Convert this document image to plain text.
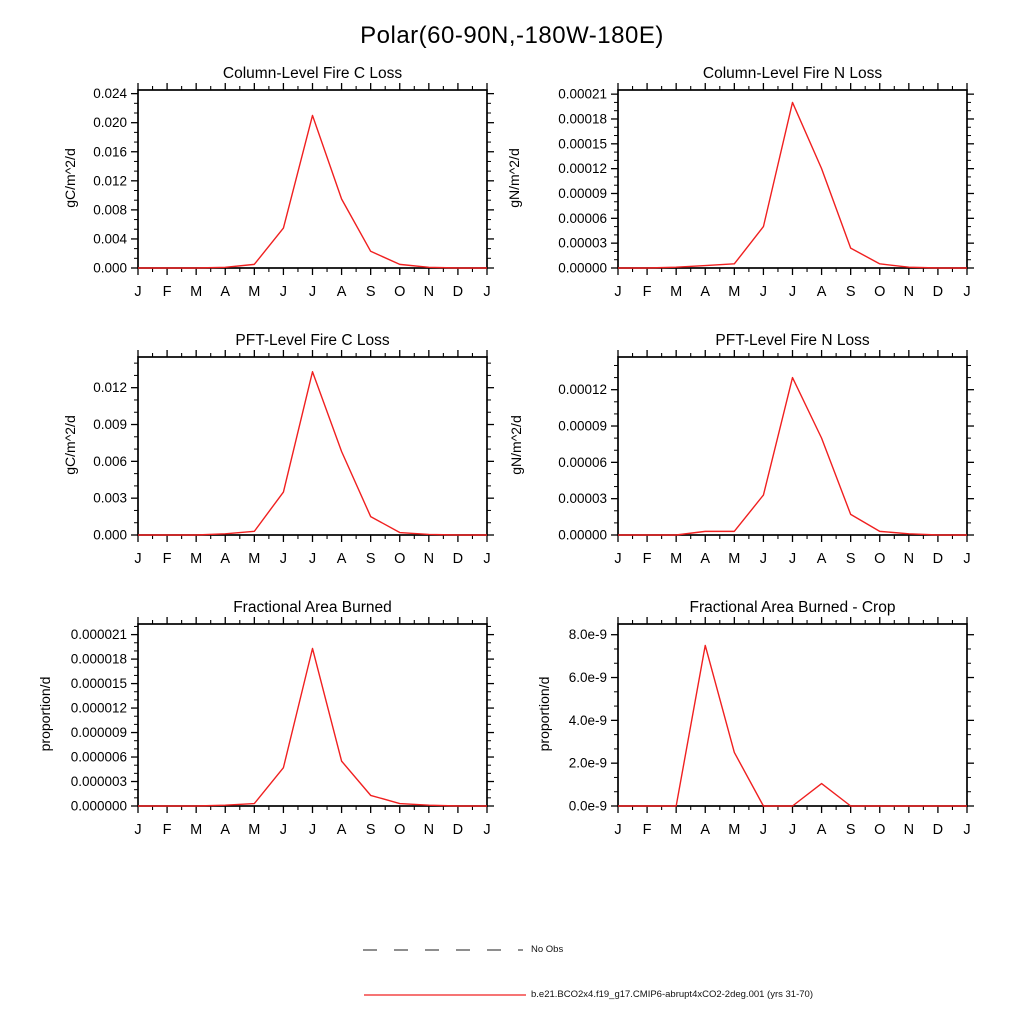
Polar(60-90N,-180W-180E)
Column-Level Fire C Loss
gC/m^2/d
J F M A M J J A S O N D J
0.000
0.004
0.008
0.012
0.016
0.020
0.024
Column-Level Fire N Loss
gN/m^2/d
J F M A M J J A S O N D J
0.00000
0.00003
0.00006
0.00009
0.00012
0.00015
0.00018
0.00021
PFT-Level Fire C Loss
gC/m^2/d
J F M A M J J A S O N D J
0.000
0.003
0.006
0.009
0.012
PFT-Level Fire N Loss
gN/m^2/d
J F M A M J J A S O N D J
0.00000
0.00003
0.00006
0.00009
0.00012
Fractional Area Burned
proportion/d
J F M A M J J A S O N D J
0.000000
0.000003
0.000006
0.000009
0.000012
0.000015
0.000018
0.000021
Fractional Area Burned - Crop
proportion/d
J F M A M J J A S O N D J
0.0e-9
2.0e-9
4.0e-9
6.0e-9
8.0e-9
No Obs
b.e21.BCO2x4.f19_g17.CMIP6-abrupt4xCO2-2deg.001 (yrs 31-70)
